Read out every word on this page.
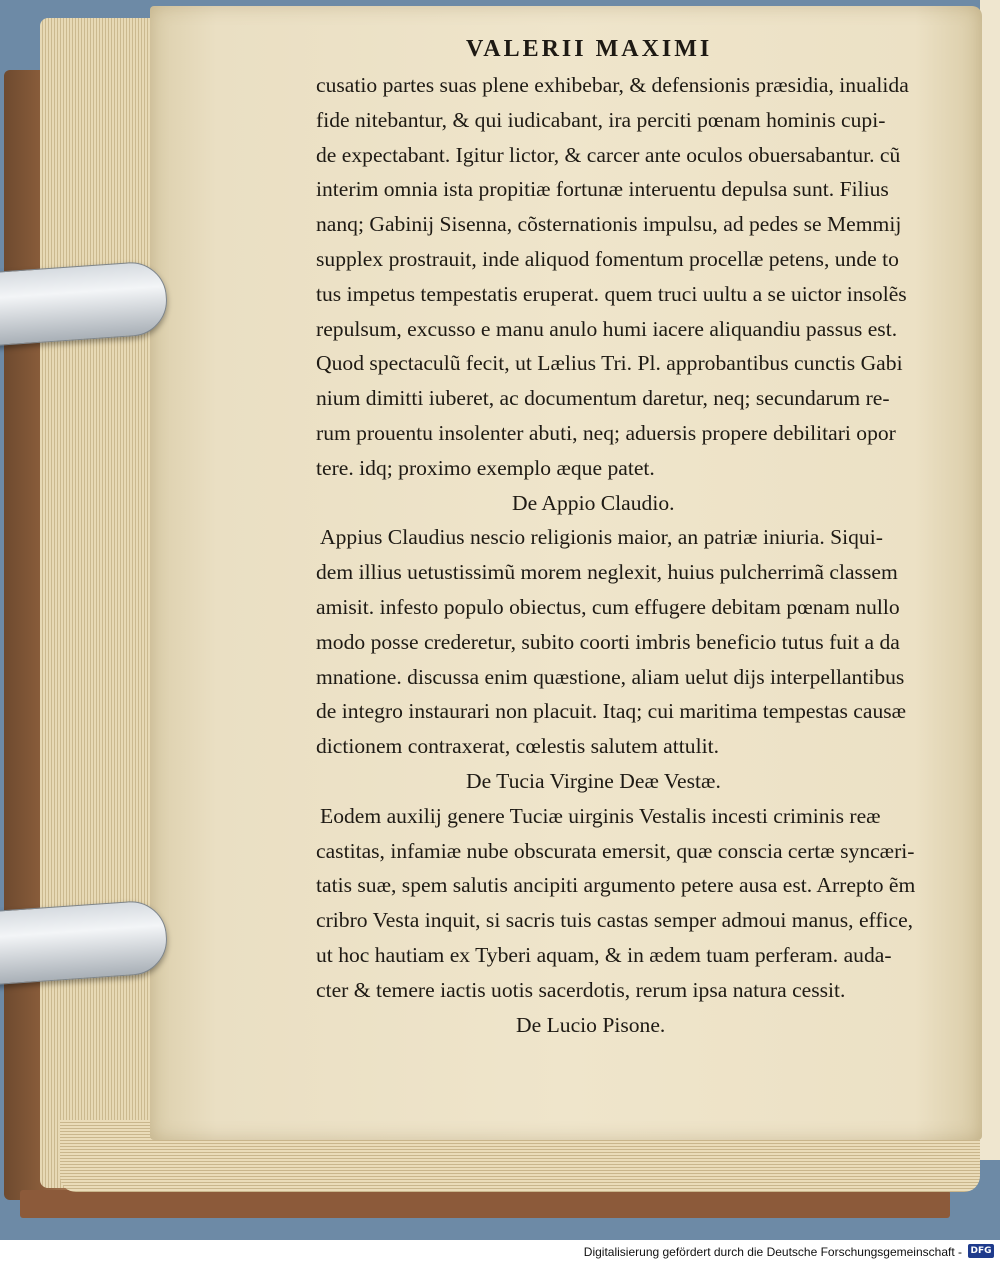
VALERII MAXIMI
cusatio partes suas plene exhibebar, & defensionis præsidia, inualida
fide nitebantur, & qui iudicabant, ira perciti pœnam hominis cupi-
de expectabant. Igitur lictor, & carcer ante oculos obuersabantur. cũ
interim omnia ista propitiæ fortunæ interuentu depulsa sunt. Filius
nanq; Gabinij Sisenna, cõsternationis impulsu, ad pedes se Memmij
supplex prostrauit, inde aliquod fomentum procellæ petens, unde to
tus impetus tempestatis eruperat. quem truci uultu a se uictor insolẽs
repulsum, excusso e manu anulo humi iacere aliquandiu passus est.
Quod spectaculũ fecit, ut Lælius Tri. Pl. approbantibus cunctis Gabi
nium dimitti iuberet, ac documentum daretur, neq; secundarum re-
rum prouentu insolenter abuti, neq; aduersis propere debilitari opor
tere. idq; proximo exemplo æque patet.
De Appio Claudio.
Appius Claudius nescio religionis maior, an patriæ iniuria. Siqui-
dem illius uetustissimũ morem neglexit, huius pulcherrimã classem
amisit. infesto populo obiectus, cum effugere debitam pœnam nullo
modo posse crederetur, subito coorti imbris beneficio tutus fuit a da
mnatione. discussa enim quæstione, aliam uelut dijs interpellantibus
de integro instaurari non placuit. Itaq; cui maritima tempestas causæ
dictionem contraxerat, cœlestis salutem attulit.
De Tucia Virgine Deæ Vestæ.
Eodem auxilij genere Tuciæ uirginis Vestalis incesti criminis reæ
castitas, infamiæ nube obscurata emersit, quæ conscia certæ syncæri-
tatis suæ, spem salutis ancipiti argumento petere ausa est. Arrepto ẽm
cribro Vesta inquit, si sacris tuis castas semper admoui manus, effice,
ut hoc hautiam ex Tyberi aquam, & in ædem tuam perferam. auda-
cter & temere iactis uotis sacerdotis, rerum ipsa natura cessit.
De Lucio Pisone.
Digitalisierung gefördert durch die Deutsche Forschungsgemeinschaft - DFG
